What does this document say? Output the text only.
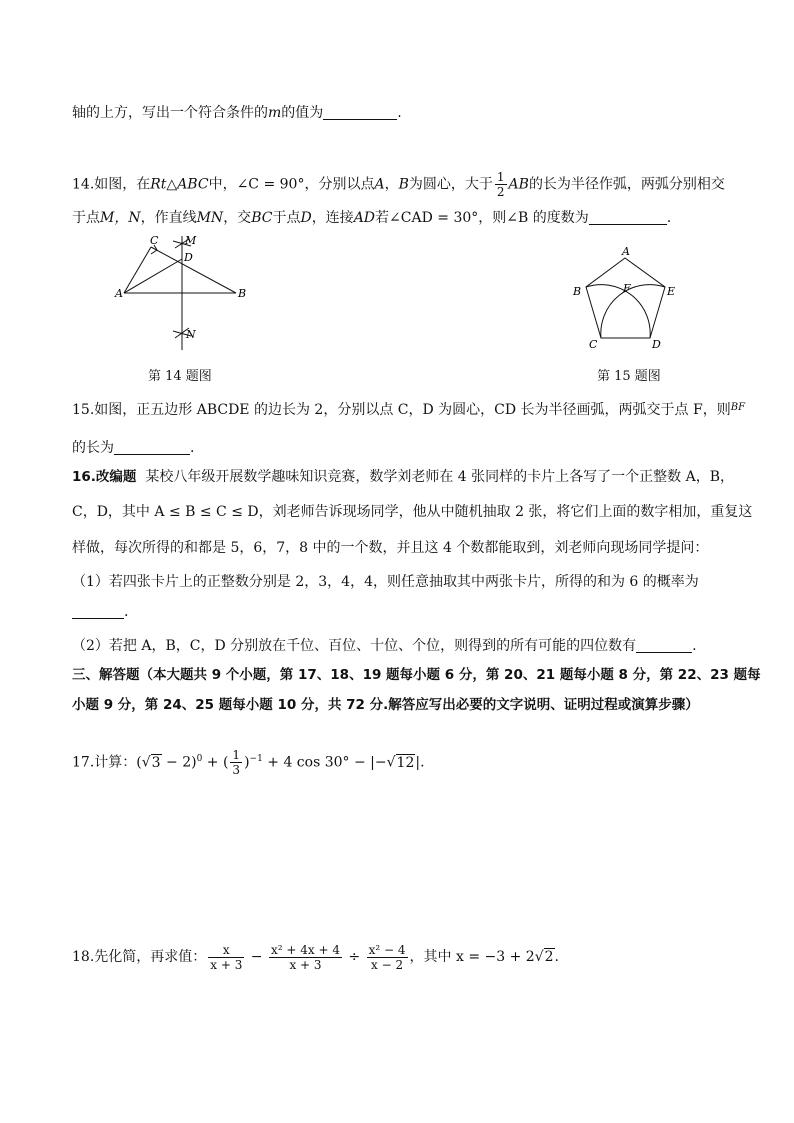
轴的上方，写出一个符合条件的m的值为	.
14.如图，在Rt△ABC中，∠C = 90°，分别以点A，B为圆心，大于 $\frac{1}{2}$ AB的长为半径作弧，两弧分别相交
于点M，N，作直线MN，交BC于点D，连接AD若∠CAD = 30°，则∠B 的度数为	.
C M
D
A	B
N
第 14 题图
A
B	F	E
C	D
第 15 题图
15.如图，正五边形 ABCDE 的边长为 2，分别以点 C，D 为圆心，CD 长为半径画弧，两弧交于点 F，则$^{BF}$
的长为	.
16.改编题 某校八年级开展数学趣味知识竞赛，数学刘老师在 4 张同样的卡片上各写了一个正整数 A，B，
C，D，其中 A ≤ B ≤ C ≤ D，刘老师告诉现场同学，他从中随机抽取 2 张，将它们上面的数字相加，重复这
样做，每次所得的和都是 5，6，7，8 中的一个数，并且这 4 个数都能取到，刘老师向现场同学提问：
（1）若四张卡片上的正整数分别是 2，3，4，4，则任意抽取其中两张卡片，所得的和为 6 的概率为
.
（2）若把 A，B，C，D 分别放在千位、百位、十位、个位，则得到的所有可能的四位数有	.
三、解答题（本大题共 9 个小题，第 17、18、19 题每小题 6 分，第 20、21 题每小题 8 分，第 22、23 题每
小题 9 分，第 24、25 题每小题 10 分，共 72 分.解答应写出必要的文字说明、证明过程或演算步骤）
17.计算：$(√3 - 2)^0$ + ( $\frac{1}{3} )^{-1} + 4$ cos 30° − |−√12|.
18.先化简，再求值： $\frac{x}{x + 3} - \frac{\text{x² + 4x + 4}}{x + 3} \div \frac{\text{x² − 4}}{x - 2}$ ，其中 x = −3 + 2√2.
